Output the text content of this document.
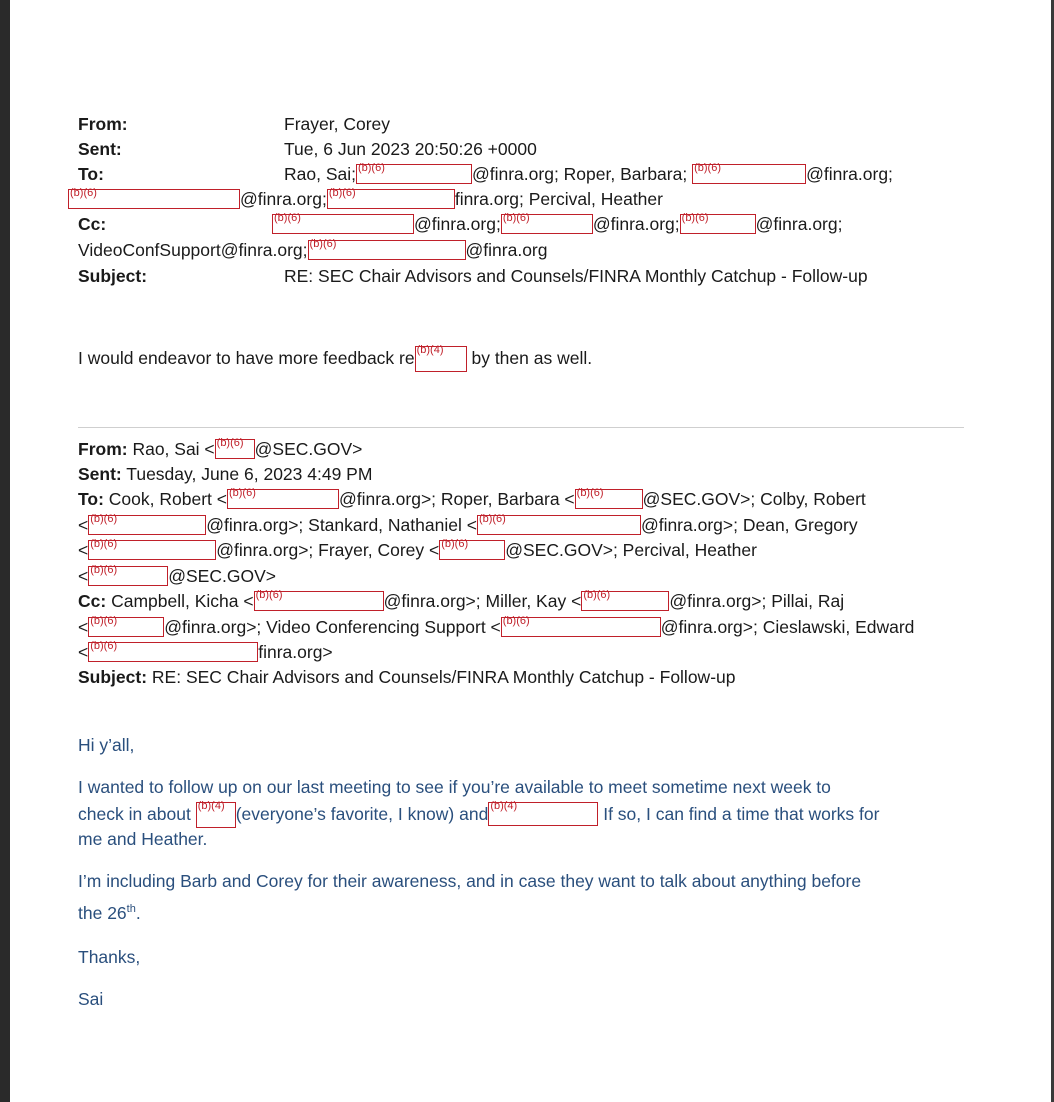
From:	Frayer, Corey
Sent:	Tue, 6 Jun 2023 20:50:26 +0000
To:	Rao, Sai; (b)(6)	@finra.org; Roper, Barbara; (b)(6)	@finra.org;
(b)(6)	@finra.org; (b)(6)	finra.org; Percival, Heather
Cc:	(b)(6)	@finra.org; (b)(6)	@finra.org; (b)(6)	@finra.org;
VideoConfSupport@finra.org; (b)(6)	@finra.org
Subject:	RE: SEC Chair Advisors and Counsels/FINRA Monthly Catchup - Follow-up
I would endeavor to have more feedback re (b)(4) by then as well.
From: Rao, Sai < (b)(6) @SEC.GOV>
Sent: Tuesday, June 6, 2023 4:49 PM
To: Cook, Robert < (b)(6)	@finra.org>; Roper, Barbara < (b)(6) @SEC.GOV>; Colby, Robert
< (b)(6)	@finra.org>; Stankard, Nathaniel < (b)(6)	@finra.org>; Dean, Gregory
< (b)(6)	@finra.org>; Frayer, Corey < (b)(6) @SEC.GOV>; Percival, Heather
< (b)(6)	@SEC.GOV>
Cc: Campbell, Kicha < (b)(6)	@finra.org>; Miller, Kay < (b)(6)	@finra.org>; Pillai, Raj
< (b)(6)	@finra.org>; Video Conferencing Support < (b)(6)	@finra.org>; Cieslawski, Edward
< (b)(6)	finra.org>
Subject: RE: SEC Chair Advisors and Counsels/FINRA Monthly Catchup - Follow-up
Hi y’all,
I wanted to follow up on our last meeting to see if you’re available to meet sometime next week to
check in about (b)(4) (everyone’s favorite, I know) and (b)(4)	If so, I can find a time that works for
me and Heather.
I’m including Barb and Corey for their awareness, and in case they want to talk about anything before
the 26th.
Thanks,
Sai
